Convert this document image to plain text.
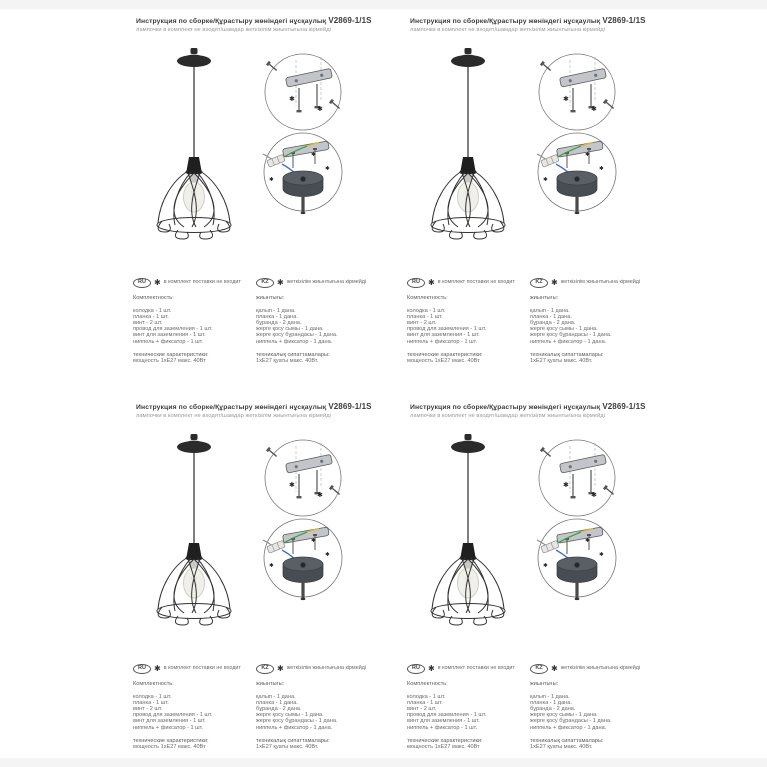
Инструкция по сборке/Құрастыру жөніндегі нұсқаулық V2869-1/1S
лампочки в комплект не входят/шамдар жеткізілім жиынтығына кірмейді
✱
✱
✱
✱
✱
RU	✱ в комплект поставки не входит
Комплектность:
колодка - 1 шт.
планка - 1 шт.
винт - 2 шт.
провод для заземления - 1 шт.
винт для заземления - 1 шт.
ниппель + фиксатор - 1 шт.
технические характеристики:
мощность 1хЕ27 макс. 40Вт
KZ	✱ жеткізілім жиынтығына кірмейді
жиынтығы:
қалып - 1 дана.
планка - 1 дана.
бұранда - 2 дана.
жерге қосу сымы - 1 дана.
жерге қосу бұрандасы - 1 дана.
ниппель + фиксатор - 1 дана.
техникалық сипаттамалары:
1хЕ27 қуаты макс. 40Вт.
Инструкция по сборке/Құрастыру жөніндегі нұсқаулық V2869-1/1S
лампочки в комплект не входят/шамдар жеткізілім жиынтығына кірмейді
✱
✱
✱
✱
✱
RU	✱ в комплект поставки не входит
Комплектность:
колодка - 1 шт.
планка - 1 шт.
винт - 2 шт.
провод для заземления - 1 шт.
винт для заземления - 1 шт.
ниппель + фиксатор - 1 шт.
технические характеристики:
мощность 1хЕ27 макс. 40Вт
KZ	✱ жеткізілім жиынтығына кірмейді
жиынтығы:
қалып - 1 дана.
планка - 1 дана.
бұранда - 2 дана.
жерге қосу сымы - 1 дана.
жерге қосу бұрандасы - 1 дана.
ниппель + фиксатор - 1 дана.
техникалық сипаттамалары:
1хЕ27 қуаты макс. 40Вт.
Инструкция по сборке/Құрастыру жөніндегі нұсқаулық V2869-1/1S
лампочки в комплект не входят/шамдар жеткізілім жиынтығына кірмейді
✱
✱
✱
✱
✱
RU	✱ в комплект поставки не входит
Комплектность:
колодка - 1 шт.
планка - 1 шт.
винт - 2 шт.
провод для заземления - 1 шт.
винт для заземления - 1 шт.
ниппель + фиксатор - 1 шт.
технические характеристики:
мощность 1хЕ27 макс. 40Вт
KZ	✱ жеткізілім жиынтығына кірмейді
жиынтығы:
қалып - 1 дана.
планка - 1 дана.
бұранда - 2 дана.
жерге қосу сымы - 1 дана.
жерге қосу бұрандасы - 1 дана.
ниппель + фиксатор - 1 дана.
техникалық сипаттамалары:
1хЕ27 қуаты макс. 40Вт.
Инструкция по сборке/Құрастыру жөніндегі нұсқаулық V2869-1/1S
лампочки в комплект не входят/шамдар жеткізілім жиынтығына кірмейді
✱
✱
✱
✱
✱
RU	✱ в комплект поставки не входит
Комплектность:
колодка - 1 шт.
планка - 1 шт.
винт - 2 шт.
провод для заземления - 1 шт.
винт для заземления - 1 шт.
ниппель + фиксатор - 1 шт.
технические характеристики:
мощность 1хЕ27 макс. 40Вт
KZ	✱ жеткізілім жиынтығына кірмейді
жиынтығы:
қалып - 1 дана.
планка - 1 дана.
бұранда - 2 дана.
жерге қосу сымы - 1 дана.
жерге қосу бұрандасы - 1 дана.
ниппель + фиксатор - 1 дана.
техникалық сипаттамалары:
1хЕ27 қуаты макс. 40Вт.
